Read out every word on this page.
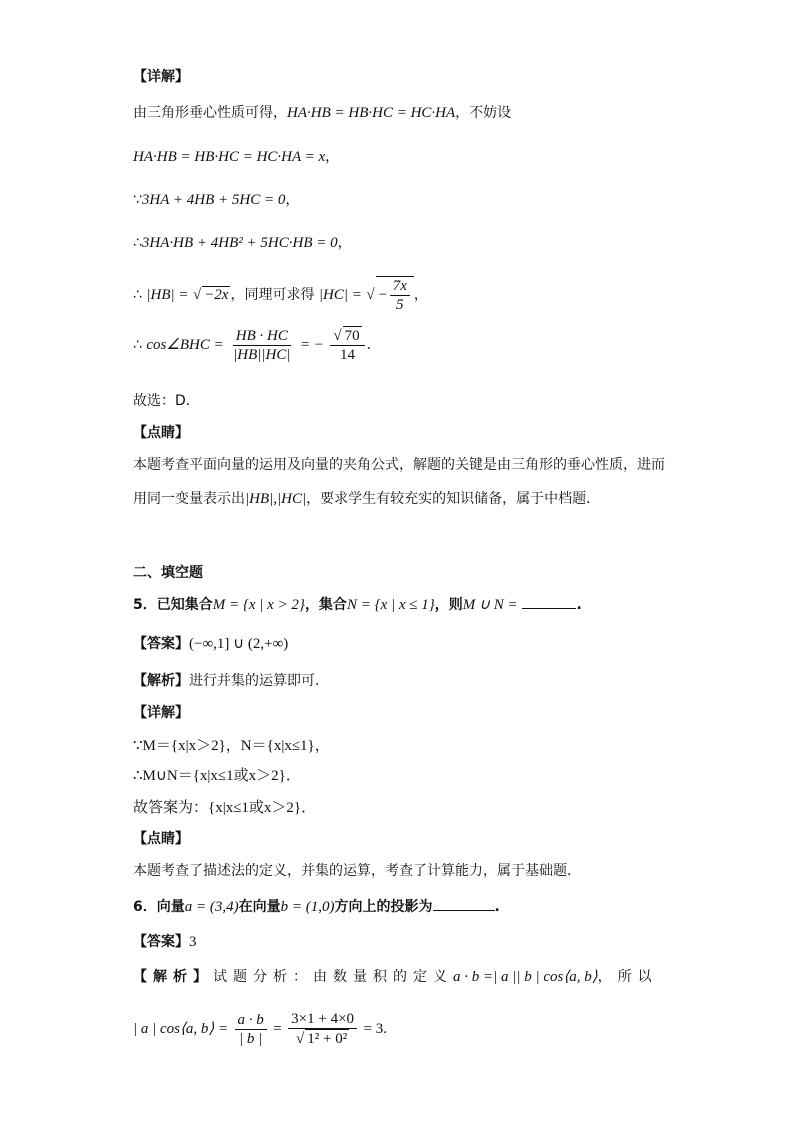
【详解】
由三角形垂心性质可得，HA·HB = HB·HC = HC·HA，不妨设
HA·HB = HB·HC = HC·HA = x，
∵3HA + 4HB + 5HC = 0，
∴3HA·HB + 4HB² + 5HC·HB = 0，
∴ |HB| = √ −2x ，同理可求得 |HC| = √ − $\frac{7x}{5}$ ，
∴ cos∠BHC = $\frac{HB \cdot HC}{|HB||HC|}$ = − $\frac{√ 70}{14}$ .
故选：D．
【点睛】
本题考查平面向量的运用及向量的夹角公式，解题的关键是由三角形的垂心性质，进而
用同一变量表示出|HB|,|HC|，要求学生有较充实的知识储备，属于中档题．
二、填空题
5．已知集合M = {x | x > 2}，集合N = {x | x ≤ 1}，则M ∪ N =	.
【答案】(−∞,1] ∪ (2,+∞)
【解析】进行并集的运算即可．
【详解】
∵M＝{x|x＞2}，N＝{x|x≤1}，
∴M∪N＝{x|x≤1或x＞2}．
故答案为：{x|x≤1或x＞2}．
【点睛】
本题考查了描述法的定义，并集的运算，考查了计算能力，属于基础题．
6．向量a = (3,4)在向量b = (1,0)方向上的投影为	.
【答案】3
【解析】试题分析：由数量积的定义a · b =| a || b | cos⟨a, b⟩，所以
| a | cos⟨a, b⟩ = $\frac{a \cdot b}{| b |} = \frac{3\times 1 + 4\times 0}{\text{√ 1² + 0²}} = 3$.
